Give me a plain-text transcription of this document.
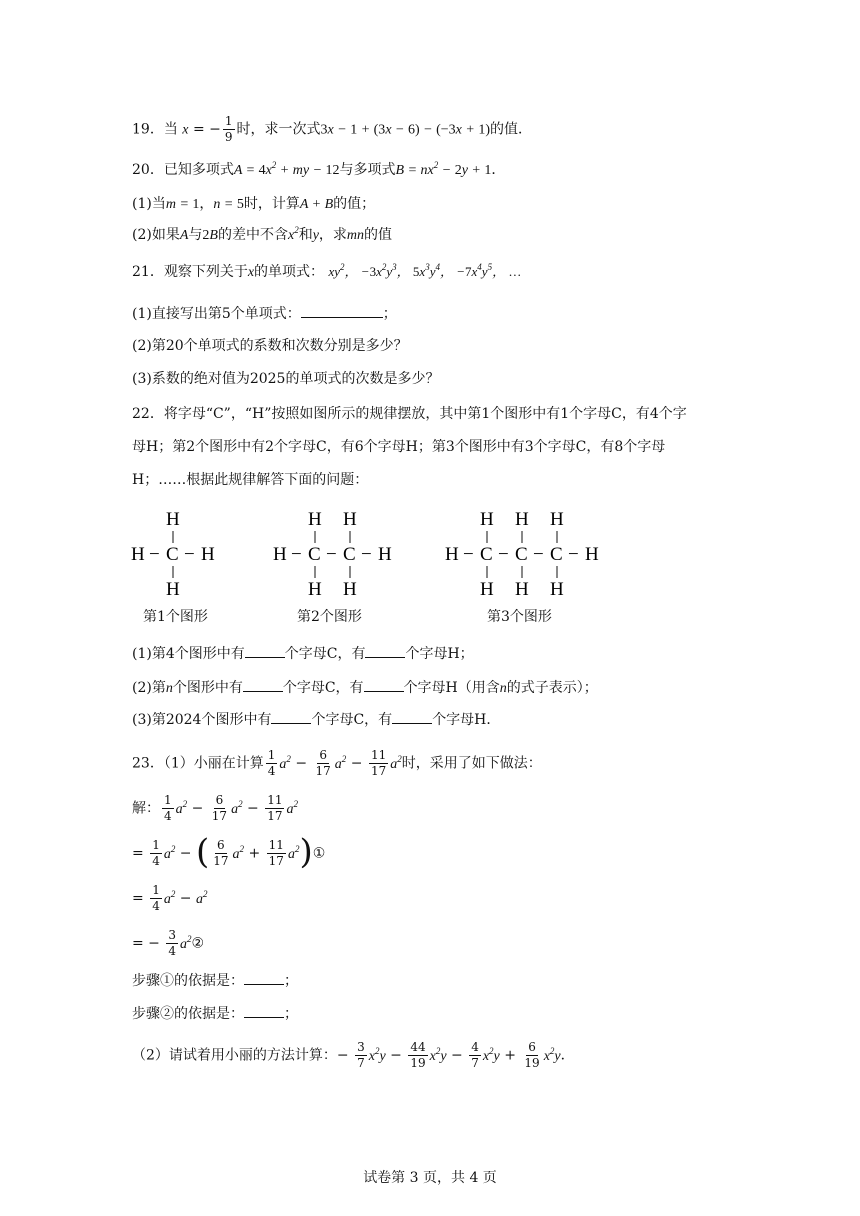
19．当 x = − $\frac{1}{9}$ 时，求一次式3x − 1 + (3x − 6) − (−3x + 1)的值．
20．已知多项式$A = 4x^2$ + my − 12与多项式$B = nx^2 - 2y + 1$．
(1)当m = 1，n = 5时，计算A + B的值；
(2)如果A与2B的差中不含$x^2$和y，求mn的值
21．观察下列关于x的单项式： $xy^2$， $-3x^2y^3$， $5x^3y^4$， $-7x^4y^5$， …
(1)直接写出第5个单项式：	；
(2)第20个单项式的系数和次数分别是多少？
(3)系数的绝对值为2025的单项式的次数是多少？
22．将字母“C”，“H”按照如图所示的规律摆放，其中第1个图形中有1个字母C，有4个字
母H；第2个图形中有2个字母C，有6个字母H；第3个图形中有3个字母C，有8个字母
H；……根据此规律解答下面的问题：
H
H − C − H
H
H H
H − C − C − H
H H
H H H
H − C − C − C − H
H H H
第1个图形	第2个图形	第3个图形
(1)第4个图形中有	个字母C，有	个字母H；
(2)第n个图形中有	个字母C，有	个字母H（用含n的式子表示）；
(3)第2024个图形中有	个字母C，有	个字母H．
23．（1）小丽在计算 $\frac{1}{4} a^2 - \frac{6}{17} a^2 - \frac{11}{17} a^2$时，采用了如下做法：
解： $\frac{1}{4} a^2 - \frac{6}{17} a^2 - \frac{11}{17} a^2$
= $\frac{1}{4} a^2$ − ( $\frac{6}{17} a^2 + \frac{11}{17}$ $a^2)①$
= $\frac{1}{4} a^2 - a^2$
= − $\frac{3}{4}$ $a^2②$
步骤①的依据是：	；
步骤②的依据是：	；
（2）请试着用小丽的方法计算：− $\frac{3}{7} x^2y - \frac{44}{19} x^2y - \frac{4}{7} x^2y + \frac{6}{19} x^2y$．
试卷第 3 页，共 4 页
